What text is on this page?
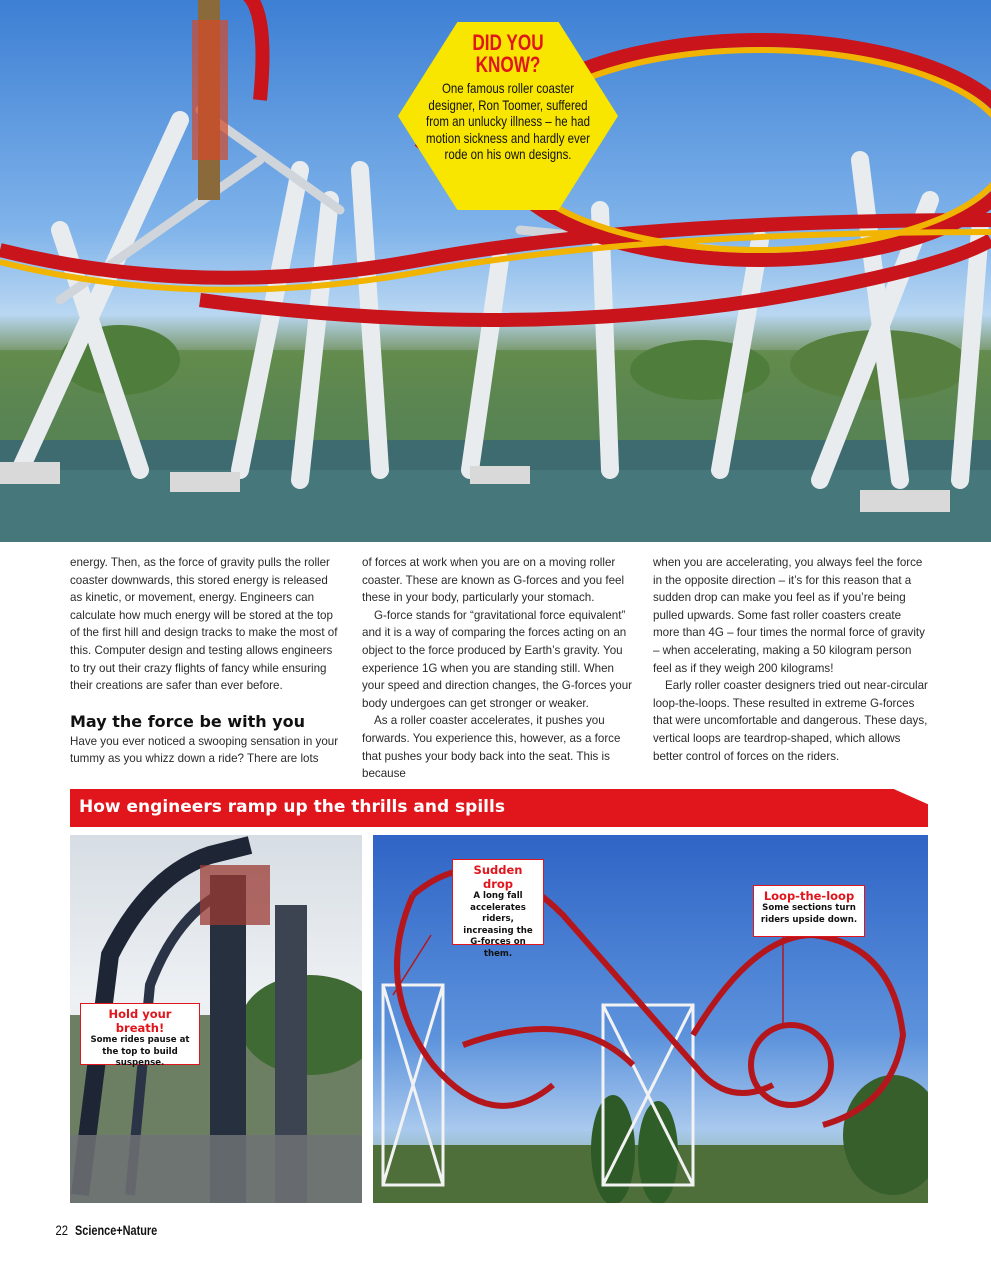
DID YOU
KNOW?
One famous roller coaster designer, Ron Toomer, suffered from an unlucky illness – he had motion sickness and hardly ever rode on his own designs.

energy. Then, as the force of gravity pulls the roller coaster downwards, this stored energy is released as kinetic, or movement, energy. Engineers can calculate how much energy will be stored at the top of the first hill and design tracks to make the most of this. Computer design and testing allows engineers to try out their crazy flights of fancy while ensuring their creations are safer than ever before.

May the force be with you

Have you ever noticed a swooping sensation in your tummy as you whizz down a ride? There are lots

of forces at work when you are on a moving roller coaster. These are known as G-forces and you feel these in your body, particularly your stomach.

G-force stands for “gravitational force equivalent” and it is a way of comparing the forces acting on an object to the force produced by Earth’s gravity. You experience 1G when you are standing still. When your speed and direction changes, the G-forces your body undergoes can get stronger or weaker.

As a roller coaster accelerates, it pushes you forwards. You experience this, however, as a force that pushes your body back into the seat. This is because

when you are accelerating, you always feel the force in the opposite direction – it’s for this reason that a sudden drop can make you feel as if you’re being pulled upwards. Some fast roller coasters create more than 4G – four times the normal force of gravity – when accelerating, making a 50 kilogram person feel as if they weigh 200 kilograms!

Early roller coaster designers tried out near-circular loop-the-loops. These resulted in extreme G-forces that were uncomfortable and dangerous. These days, vertical loops are teardrop-shaped, which allows better control of forces on the riders.

How engineers ramp up the thrills and spills
Hold your breath!
Some rides pause at the top to build suspense.
Sudden drop
A long fall accelerates riders, increasing the G-forces on them.
Loop-the-loop
Some sections turn riders upside down.
22 Science+Nature
